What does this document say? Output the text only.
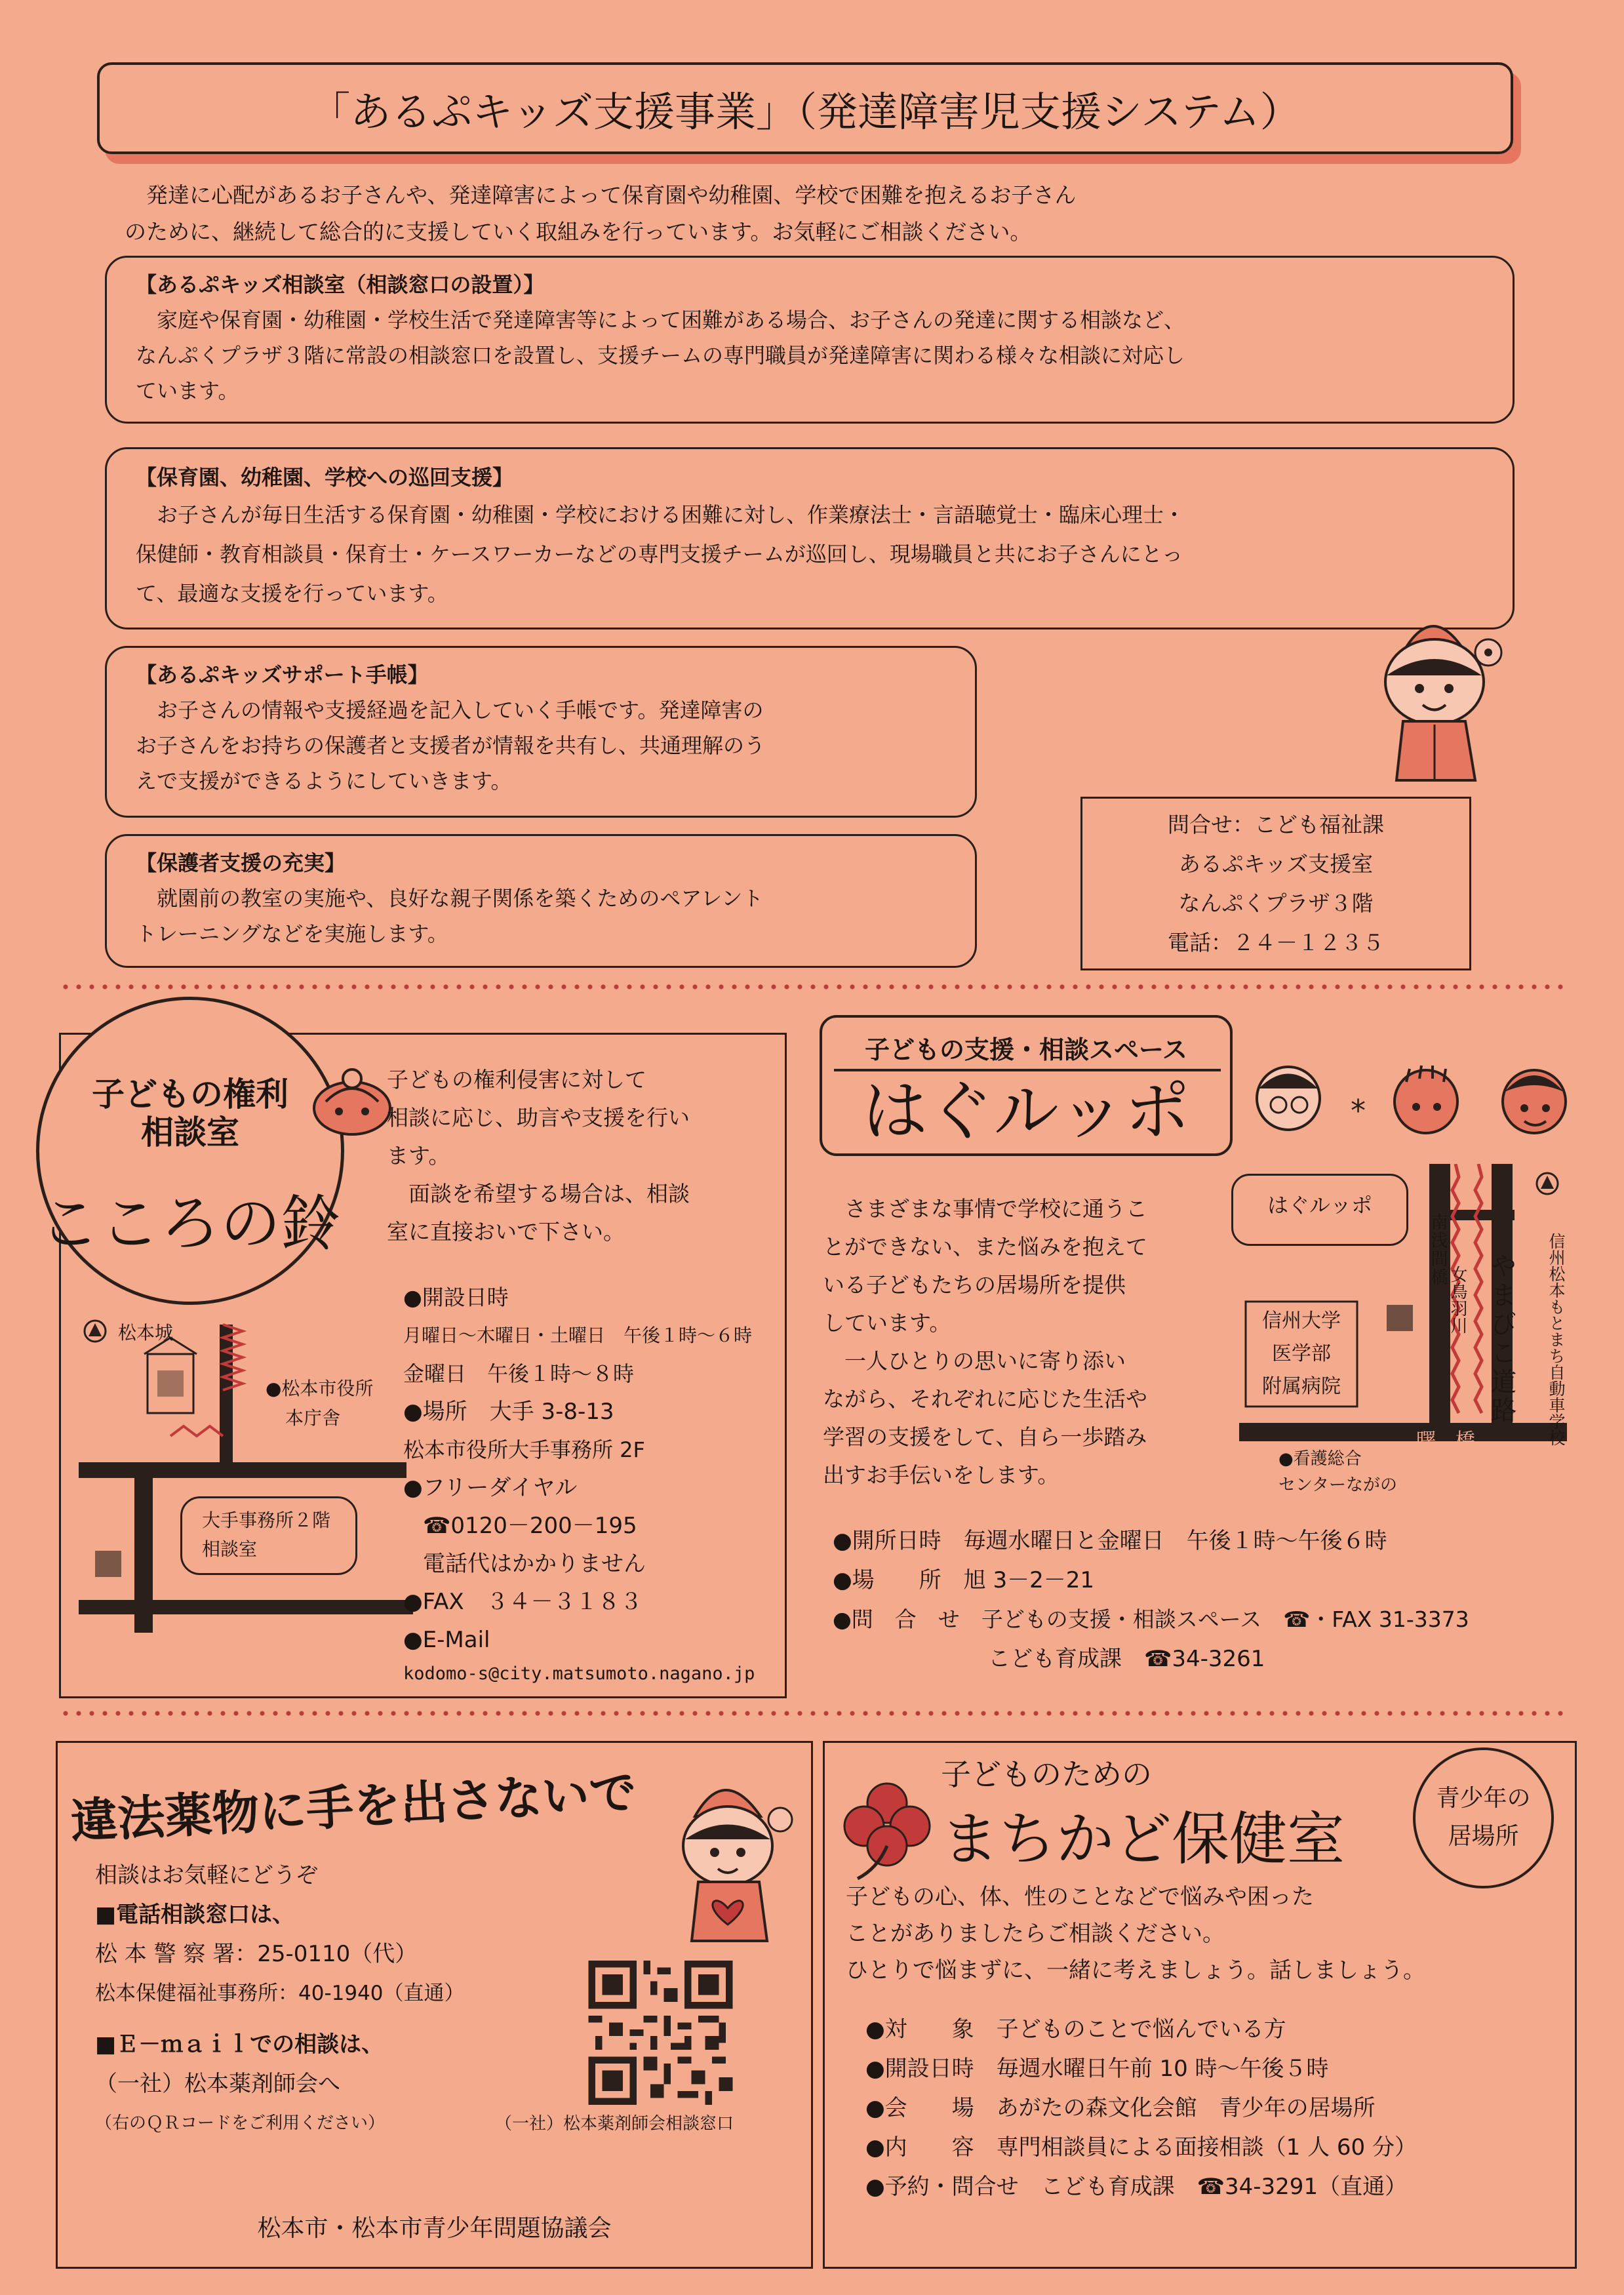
「あるぷキッズ支援事業」（発達障害児支援システム）
　発達に心配があるお子さんや、発達障害によって保育園や幼稚園、学校で困難を抱えるお子さん
のために、継続して総合的に支援していく取組みを行っています。お気軽にご相談ください。
【あるぷキッズ相談室（相談窓口の設置）】
　家庭や保育園・幼稚園・学校生活で発達障害等によって困難がある場合、お子さんの発達に関する相談など、
なんぷくプラザ３階に常設の相談窓口を設置し、支援チームの専門職員が発達障害に関わる様々な相談に対応し
ています。
【保育園、幼稚園、学校への巡回支援】
　お子さんが毎日生活する保育園・幼稚園・学校における困難に対し、作業療法士・言語聴覚士・臨床心理士・
保健師・教育相談員・保育士・ケースワーカーなどの専門支援チームが巡回し、現場職員と共にお子さんにとっ
て、最適な支援を行っています。
【あるぷキッズサポート手帳】
　お子さんの情報や支援経過を記入していく手帳です。発達障害の
お子さんをお持ちの保護者と支援者が情報を共有し、共通理解のう
えで支援ができるようにしていきます。
【保護者支援の充実】
　就園前の教室の実施や、良好な親子関係を築くためのペアレント
トレーニングなどを実施します。
問合せ：こども福祉課
あるぷキッズ支援室
なんぷくプラザ３階
電話：２４－１２３５
子どもの権利
相談室
こころの鈴
子どもの権利侵害に対して
相談に応じ、助言や支援を行い
ます。
　面談を希望する場合は、相談
室に直接おいで下さい。
松本城
●松本市役所
本庁舎
大手事務所２階
相談室
●開設日時
月曜日～木曜日・土曜日　午後１時～６時
金曜日　午後１時～８時
●場所　大手 3-8-13
松本市役所大手事務所 2F
●フリーダイヤル
☎0120－200－195
電話代はかかりません
●FAX　３４－３１８３
●E-Mail
kodomo-s@city.matsumoto.nagano.jp
子どもの支援・相談スペース
はぐルッポ	*
　さまざまな事情で学校に通うこ
とができない、また悩みを抱えて
いる子どもたちの居場所を提供
しています。
　一人ひとりの思いに寄り添い
ながら、それぞれに応じた生活や
学習の支援をして、自ら一歩踏み
出すお手伝いをします。
はぐルッポ
信州大学
医学部
附属病院
南浅間橋
女鳥羽川 やまびこ道路
曙　橋	信州松本もとまち自動車学校
●看護総合
センターながの
●開所日時　毎週水曜日と金曜日　午後１時～午後６時
●場　　所　旭 3－2－21
●問　合　せ　子どもの支援・相談スペース　☎・FAX 31-3373
こども育成課　☎34-3261
違法薬物に手を出さないで
相談はお気軽にどうぞ
■電話相談窓口は、
松 本 警 察 署：25-0110（代）
松本保健福祉事務所：40-1940（直通）
■Ｅ－ｍａｉｌでの相談は、
（一社）松本薬剤師会へ
（右のＱＲコードをご利用ください）	（一社）松本薬剤師会相談窓口
松本市・松本市青少年問題協議会
子どものための
まちかど保健室
青少年の
居場所
子どもの心、体、性のことなどで悩みや困った
ことがありましたらご相談ください。
ひとりで悩まずに、一緒に考えましょう。話しましょう。
●対　　象　子どものことで悩んでいる方
●開設日時　毎週水曜日午前 10 時～午後５時
●会　　場　あがたの森文化会館　青少年の居場所
●内　　容　専門相談員による面接相談（1 人 60 分）
●予約・問合せ　こども育成課　☎34-3291（直通）
